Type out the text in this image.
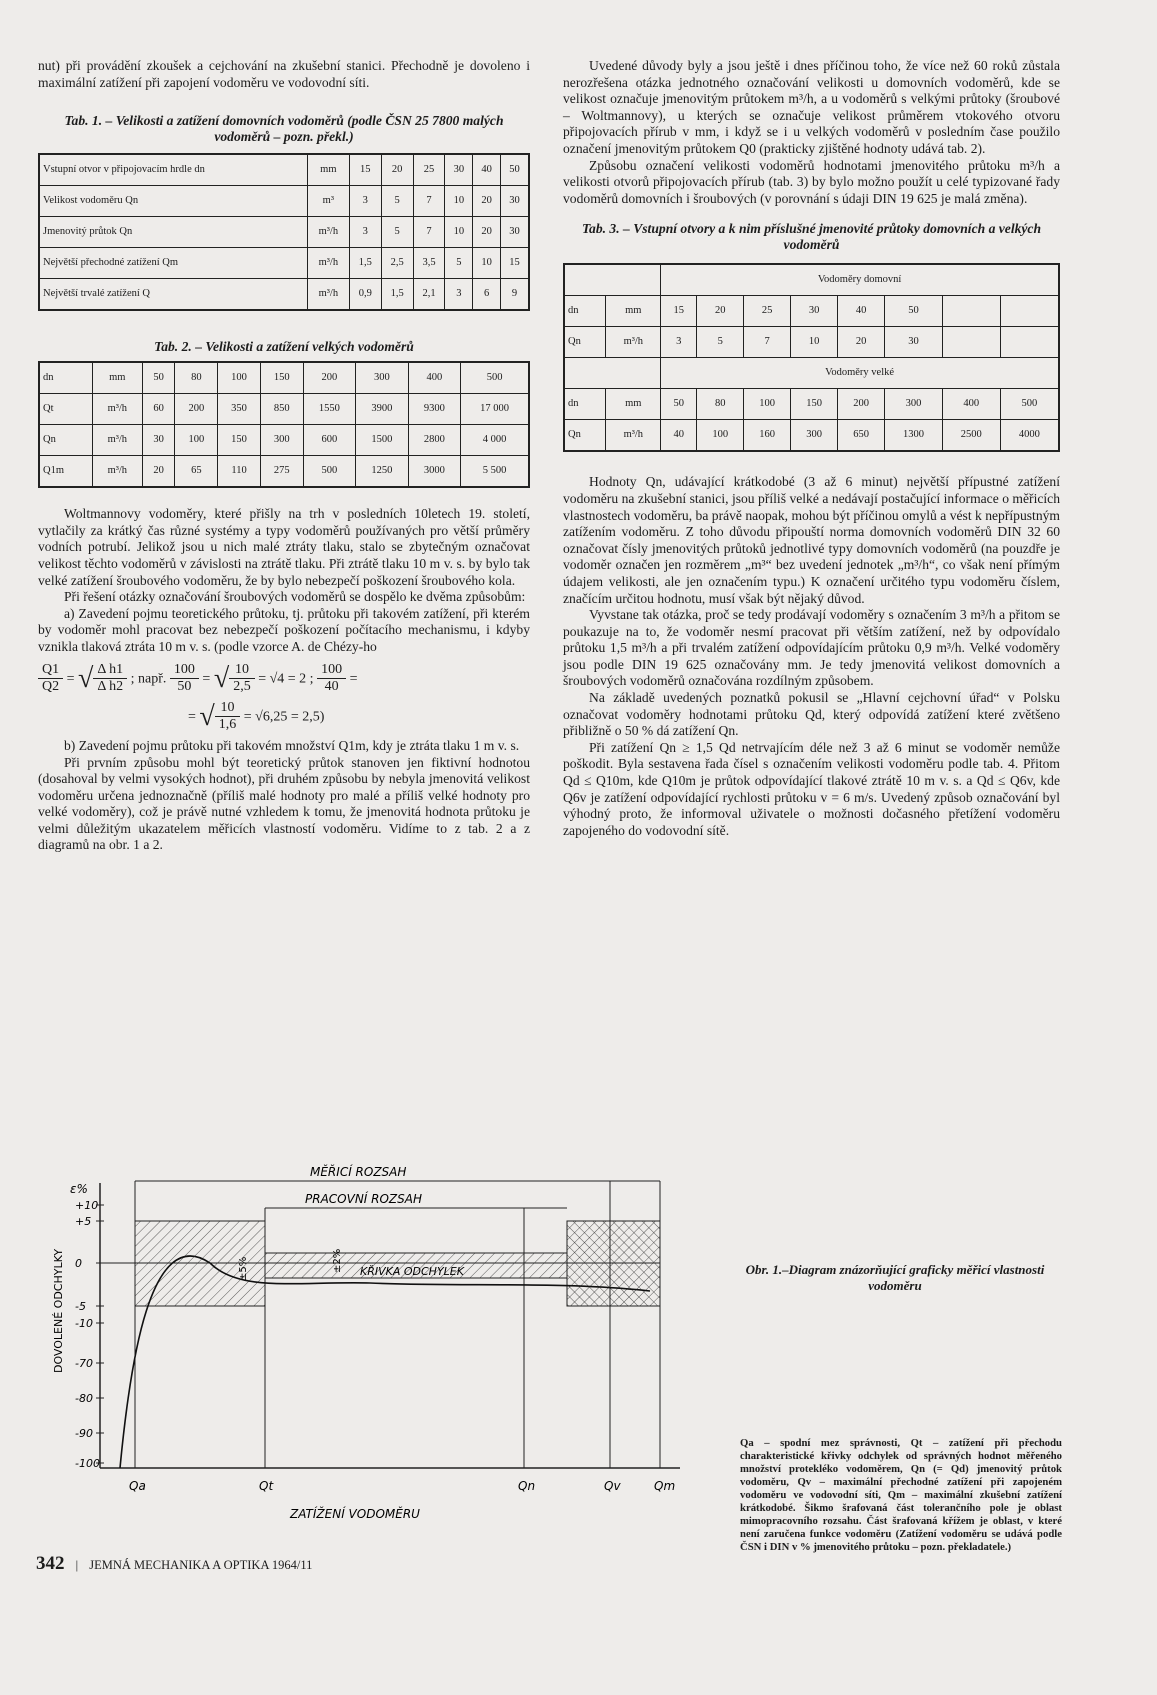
nut) při provádění zkoušek a cejchování na zkušební stanici. Přechodně je dovoleno i maximální zatížení při zapojení vodoměru ve vodovodní síti.

Tab. 1. – Velikosti a zatížení domovních vodoměrů (podle ČSN 25 7800 malých vodoměrů – pozn. překl.)

Vstupní otvor v připojovacím hrdle dn	mm	15	20	25	30	40	50
Velikost vodoměru Qn	m³	3	5	7	10	20	30
Jmenovitý průtok Qn	m³/h	3	5	7	10	20	30
Největší přechodné zatížení Qm	m³/h	1,5	2,5	3,5	5	10	15
Největší trvalé zatížení Q	m³/h	0,9	1,5	2,1	3	6	9

Tab. 2. – Velikosti a zatížení velkých vodoměrů

dn	mm	50	80	100	150	200	300	400	500
Qt	m³/h	60	200	350	850	1550	3900	9300	17 000
Qn	m³/h	30	100	150	300	600	1500	2800	4 000
Q1m	m³/h	20	65	110	275	500	1250	3000	5 500

Woltmannovy vodoměry, které přišly na trh v posledních 10letech 19. století, vytlačily za krátký čas různé systémy a typy vodoměrů používaných pro větší průměry vodních potrubí. Jelikož jsou u nich malé ztráty tlaku, stalo se zbytečným označovat velikost těchto vodoměrů v závislosti na ztrátě tlaku. Při ztrátě tlaku 10 m v. s. by bylo tak velké zatížení šroubového vodoměru, že by bylo nebezpečí poškození šroubového kola.

Při řešení otázky označování šroubových vodoměrů se dospělo ke dvěma způsobům:

a) Zavedení pojmu teoretického průtoku, tj. průtoku při takovém zatížení, při kterém by vodoměr mohl pracovat bez nebezpečí poškození počítacího mechanismu, i kdyby vznikla tlaková ztráta 10 m v. s. (podle vzorce A. de Chézy-ho

$\frac{Q1}{Q2}$ = √ $\frac{\text{Δ h1}}{\text{Δ h2}}$ ; např. $\frac{100}{50}$ = √ $\frac{10}{2,5} = √4 = 2$ ; $\frac{100}{40}$ =
= √ $\frac{10}{1,6} = √6,25 = 2,5$)

b) Zavedení pojmu průtoku při takovém množství Q1m, kdy je ztráta tlaku 1 m v. s.

Při prvním způsobu mohl být teoretický průtok stanoven jen fiktivní hodnotou (dosahoval by velmi vysokých hodnot), při druhém způsobu by nebyla jmenovitá velikost vodoměru určena jednoznačně (příliš malé hodnoty pro malé a příliš velké hodnoty pro velké vodoměry), což je právě nutné vzhledem k tomu, že jmenovitá hodnota průtoku je velmi důležitým ukazatelem měřicích vlastností vodoměru. Vidíme to z tab. 2 a z diagramů na obr. 1 a 2.

Uvedené důvody byly a jsou ještě i dnes příčinou toho, že více než 60 roků zůstala nerozřešena otázka jednotného označování velikosti u domovních vodoměrů, kde se velikost označuje jmenovitým průtokem m³/h, a u vodoměrů s velkými průtoky (šroubové – Woltmannovy), u kterých se označuje velikost průměrem vtokového otvoru připojovacích přírub v mm, i když se i u velkých vodoměrů v posledním čase použilo označení jmenovitým průtokem Q0 (prakticky zjištěné hodnoty udává tab. 2).

Způsobu označení velikosti vodoměrů hodnotami jmenovitého průtoku m³/h a velikosti otvorů připojovacích přírub (tab. 3) by bylo možno použít u celé typizované řady vodoměrů domovních i šroubových (v porovnání s údaji DIN 19 625 je malá změna).

Tab. 3. – Vstupní otvory a k nim příslušné jmenovité průtoky domovních a velkých vodoměrů

		Vodoměry domovní							
dn	mm	15	20	25	30	40	50		
Qn	m³/h	3	5	7	10	20	30		
		Vodoměry velké							
dn	mm	50	80	100	150	200	300	400	500
Qn	m³/h	40	100	160	300	650	1300	2500	4000

Hodnoty Qn, udávající krátkodobé (3 až 6 minut) největší přípustné zatížení vodoměru na zkušební stanici, jsou příliš velké a nedávají postačující informace o měřicích vlastnostech vodoměru, ba právě naopak, mohou být příčinou omylů a vést k nepřípustným zatížením vodoměru. Z toho důvodu připouští norma domovních vodoměrů DIN 32 60 označovat čísly jmenovitých průtoků jednotlivé typy domovních vodoměrů (na pouzdře je vodoměr označen jen rozměrem „m³“ bez uvedení jednotek „m³/h“, co však není přímým údajem velikosti, ale jen označením typu.) K označení určitého typu vodoměru číslem, značícím určitou hodnotu, musí však být nějaký důvod.

Vyvstane tak otázka, proč se tedy prodávají vodoměry s označením 3 m³/h a přitom se poukazuje na to, že vodoměr nesmí pracovat při větším zatížení, než by odpovídalo průtoku 1,5 m³/h a při trvalém zatížení odpovídajícím průtoku 0,9 m³/h. Velké vodoměry jsou podle DIN 19 625 označovány mm. Je tedy jmenovitá velikost domovních a šroubových vodoměrů označována rozdílným způsobem.

Na základě uvedených poznatků pokusil se „Hlavní cejchovní úřad“ v Polsku označovat vodoměry hodnotami průtoku Qd, který odpovídá zatížení které zvětšeno přibližně o 50 % dá zatížení Qn.

Při zatížení Qn ≥ 1,5 Qd netrvajícím déle než 3 až 6 minut se vodoměr nemůže poškodit. Byla sestavena řada čísel s označením velikosti vodoměru podle tab. 4. Přitom Qd ≤ Q10m, kde Q10m je průtok odpovídající tlakové ztrátě 10 m v. s. a Qd ≤ Q6v, kde Q6v je zatížení odpovídající rychlosti průtoku v = 6 m/s. Uvedený způsob označování byl výhodný proto, že informoval uživatele o možnosti dočasného přetížení vodoměru zapojeného do vodovodní sítě.

MĚŘICÍ ROZSAH
PRACOVNÍ ROZSAH
ε%
KŘIVKA ODCHYLEK
±5%	±2%
DOVOLENÉ ODCHYLKY
+10
+5
0
-5
-10
-70
-80
-90
-100
Qa	Qt	Qn	Qv	Qm
ZATÍŽENÍ VODOMĚRU
Obr. 1.–Diagram znázorňující graficky měřicí vlastnosti vodoměru
Qa – spodní mez správnosti, Qt – zatížení při přechodu charakteristické křivky odchylek od správných hodnot měřeného množství protekléko vodoměrem, Qn (= Qd) jmenovitý průtok vodoměru, Qv – maximální přechodné zatížení při zapojeném vodoměru ve vodovodní síti, Qm – maximální zkušební zatížení krátkodobé. Šikmo šrafovaná část tolerančního pole je oblast mimopracovního rozsahu. Část šrafovaná křížem je oblast, v které není zaručena funkce vodoměru (Zatížení vodoměru se udává podle ČSN i DIN v % jmenovitého průtoku – pozn. překladatele.)
342 | JEMNÁ MECHANIKA A OPTIKA 1964/11
